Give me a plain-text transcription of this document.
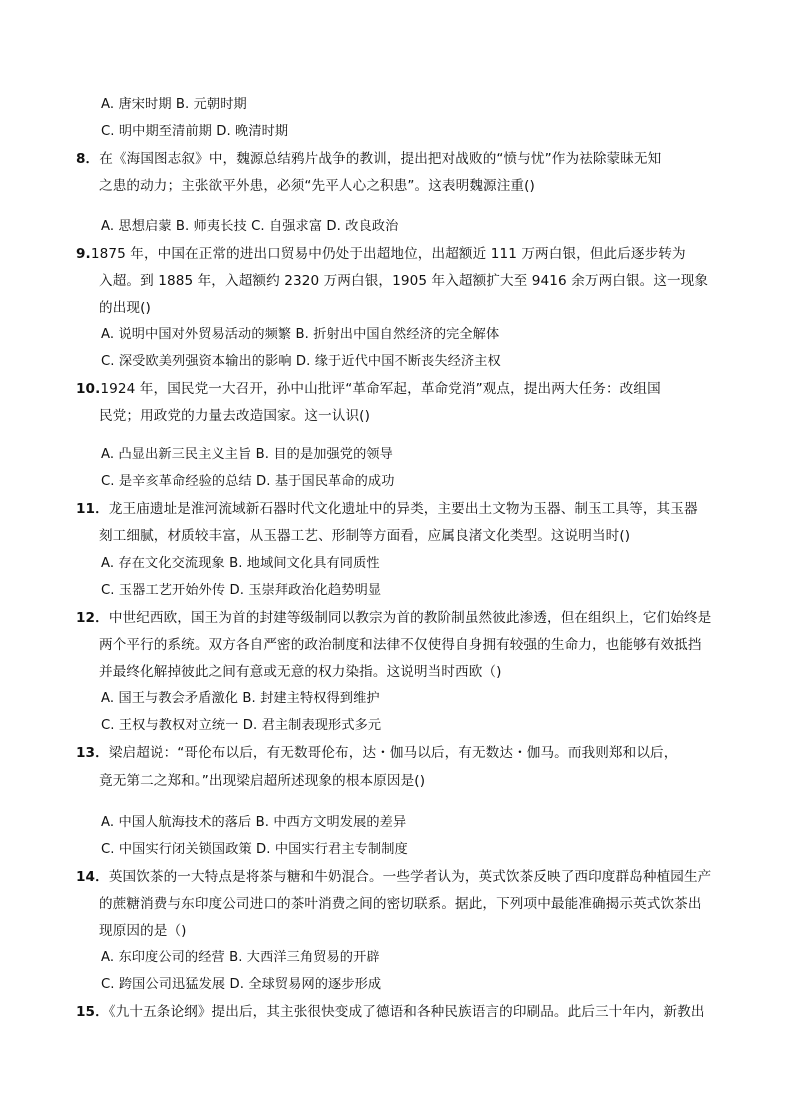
A. 唐宋时期 B. 元朝时期
C. 明中期至清前期 D. 晚清时期
8．在《海国图志叙》中，魏源总结鸦片战争的教训，提出把对战败的“愤与忧”作为祛除蒙昧无知
之患的动力；主张欲平外患，必须“先平人心之积患”。这表明魏源注重()
A. 思想启蒙 B. 师夷长技 C. 自强求富 D. 改良政治
9.1875 年，中国在正常的进出口贸易中仍处于出超地位，出超额近 111 万两白银，但此后逐步转为
入超。到 1885 年，入超额约 2320 万两白银，1905 年入超额扩大至 9416 余万两白银。这一现象
的出现()
A. 说明中国对外贸易活动的频繁 B. 折射出中国自然经济的完全解体
C. 深受欧美列强资本输出的影响 D. 缘于近代中国不断丧失经济主权
10.1924 年，国民党一大召开，孙中山批评“革命军起，革命党消”观点，提出两大任务：改组国
民党；用政党的力量去改造国家。这一认识()
A. 凸显出新三民主义主旨 B. 目的是加强党的领导
C. 是辛亥革命经验的总结 D. 基于国民革命的成功
11．龙王庙遗址是淮河流域新石器时代文化遗址中的异类，主要出土文物为玉器、制玉工具等，其玉器
刻工细腻，材质较丰富，从玉器工艺、形制等方面看，应属良渚文化类型。这说明当时()
A. 存在文化交流现象 B. 地域间文化具有同质性
C. 玉器工艺开始外传 D. 玉崇拜政治化趋势明显
12．中世纪西欧，国王为首的封建等级制同以教宗为首的教阶制虽然彼此渗透，但在组织上，它们始终是
两个平行的系统。双方各自严密的政治制度和法律不仅使得自身拥有较强的生命力，也能够有效抵挡
并最终化解掉彼此之间有意或无意的权力染指。这说明当时西欧（)
A. 国王与教会矛盾激化 B. 封建主特权得到维护
C. 王权与教权对立统一 D. 君主制表现形式多元
13．梁启超说：“哥伦布以后，有无数哥伦布，达・伽马以后，有无数达・伽马。而我则郑和以后，
竟无第二之郑和。”出现梁启超所述现象的根本原因是()
A. 中国人航海技术的落后 B. 中西方文明发展的差异
C. 中国实行闭关锁国政策 D. 中国实行君主专制制度
14．英国饮茶的一大特点是将茶与糖和牛奶混合。一些学者认为，英式饮茶反映了西印度群岛种植园生产
的蔗糖消费与东印度公司进口的茶叶消费之间的密切联系。据此，下列项中最能准确揭示英式饮茶出
现原因的是（)
A. 东印度公司的经营 B. 大西洋三角贸易的开辟
C. 跨国公司迅猛发展 D. 全球贸易网的逐步形成
15．《九十五条论纲》提出后，其主张很快变成了德语和各种民族语言的印刷品。此后三十年内，新教出
